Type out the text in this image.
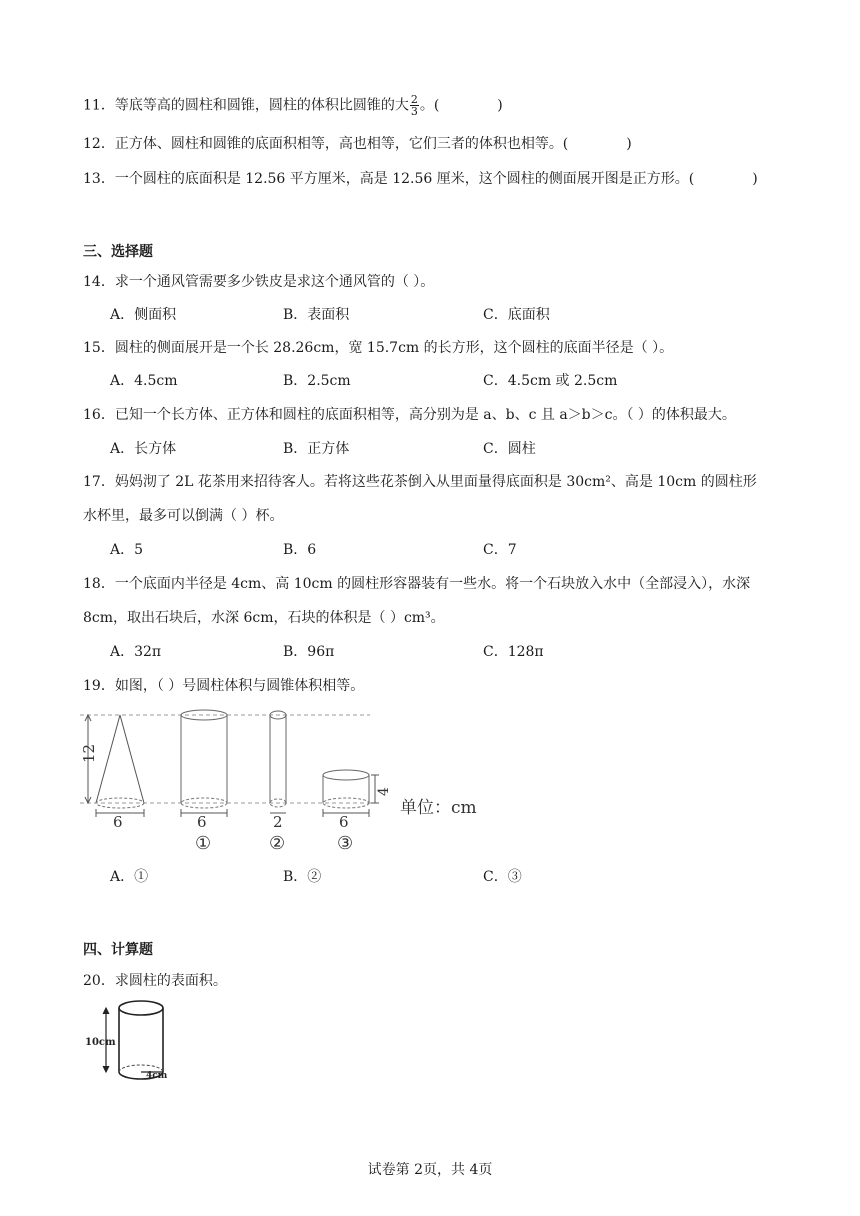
11．等底等高的圆柱和圆锥，圆柱的体积比圆锥的大 $\frac{2}{3}$ 。(	)
12．正方体、圆柱和圆锥的底面积相等，高也相等，它们三者的体积也相等。(	)
13．一个圆柱的底面积是 12.56 平方厘米，高是 12.56 厘米，这个圆柱的侧面展开图是正方形。(	)
三、选择题
14．求一个通风管需要多少铁皮是求这个通风管的（ ）。
A．侧面积	B．表面积	C．底面积
15．圆柱的侧面展开是一个长 28.26cm，宽 15.7cm 的长方形，这个圆柱的底面半径是（ ）。
A．4.5cm	B．2.5cm	C．4.5cm 或 2.5cm
16．已知一个长方体、正方体和圆柱的底面积相等，高分别为是 a、b、c 且 a＞b＞c。（ ）的体积最大。
A．长方体	B．正方体	C．圆柱
17．妈妈沏了 2L 花茶用来招待客人。若将这些花茶倒入从里面量得底面积是 30cm²、高是 10cm 的圆柱形
水杯里，最多可以倒满（ ）杯。
A．5	B．6	C．7
18．一个底面内半径是 4cm、高 10cm 的圆柱形容器装有一些水。将一个石块放入水中（全部浸入），水深
8cm，取出石块后，水深 6cm，石块的体积是（ ）cm³。
A．32π	B．96π	C．128π
19．如图，（ ）号圆柱体积与圆锥体积相等。
12
6	6
①
2
②
4
6
③
单位：cm
A．①	B．②	C．③
四、计算题
20．求圆柱的表面积。
10cm
4cm
试卷第 2页，共 4页
